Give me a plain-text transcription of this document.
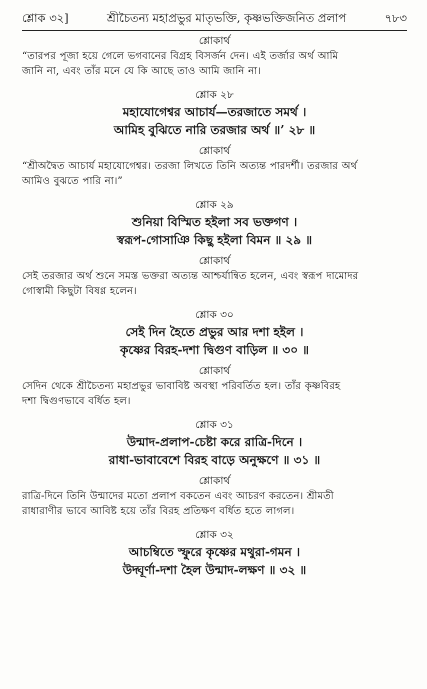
শ্লোক ৩২]	শ্রীচৈতন্য মহাপ্রভুর মাতৃভক্তি, কৃষ্ণভক্তিজনিত প্রলাপ	৭৮৩
শ্লোকার্থ
“তারপর পূজা হয়ে গেলে ভগবানের বিগ্রহ বিসর্জন দেন। এই তর্জার অর্থ আমি
জানি না, এবং তাঁর মনে যে কি আছে তাও আমি জানি না।
শ্লোক ২৮
মহাযোগেশ্বর আচার্য—তরজাতে সমর্থ ।
আমিহ বুঝিতে নারি তরজার অর্থ ॥’ ২৮ ॥
শ্লোকার্থ
“শ্রীঅদ্বৈত আচার্য মহাযোগেশ্বর। তরজা লিখতে তিনি অত্যন্ত পারদর্শী। তরজার অর্থ
আমিও বুঝতে পারি না।”
শ্লোক ২৯
শুনিয়া বিস্মিত হইলা সব ভক্তগণ ।
স্বরূপ-গোসাঞি কিছু হইলা বিমন ॥ ২৯ ॥
শ্লোকার্থ
সেই তরজার অর্থ শুনে সমস্ত ভক্তরা অত্যন্ত আশ্চর্যান্বিত হলেন, এবং স্বরূপ দামোদর
গোস্বামী কিছুটা বিষণ্ণ হলেন।
শ্লোক ৩০
সেই দিন হৈতে প্রভুর আর দশা হইল ।
কৃষ্ণের বিরহ-দশা দ্বিগুণ বাড়িল ॥ ৩০ ॥
শ্লোকার্থ
সেদিন থেকে শ্রীচৈতন্য মহাপ্রভুর ভাবাবিষ্ট অবস্থা পরিবর্তিত হল। তাঁর কৃষ্ণবিরহ
দশা দ্বিগুণভাবে বর্ধিত হল।
শ্লোক ৩১
উন্মাদ-প্রলাপ-চেষ্টা করে রাত্রি-দিনে ।
রাধা-ভাবাবেশে বিরহ বাড়ে অনুক্ষণে ॥ ৩১ ॥
শ্লোকার্থ
রাত্রি-দিনে তিনি উন্মাদের মতো প্রলাপ বকতেন এবং আচরণ করতেন। শ্রীমতী
রাধারাণীর ভাবে আবিষ্ট হয়ে তাঁর বিরহ প্রতিক্ষণ বর্ধিত হতে লাগল।
শ্লোক ৩২
আচম্বিতে স্ফুরে কৃষ্ণের মথুরা-গমন ।
উদ্ঘূর্ণা-দশা হৈল উন্মাদ-লক্ষণ ॥ ৩২ ॥
